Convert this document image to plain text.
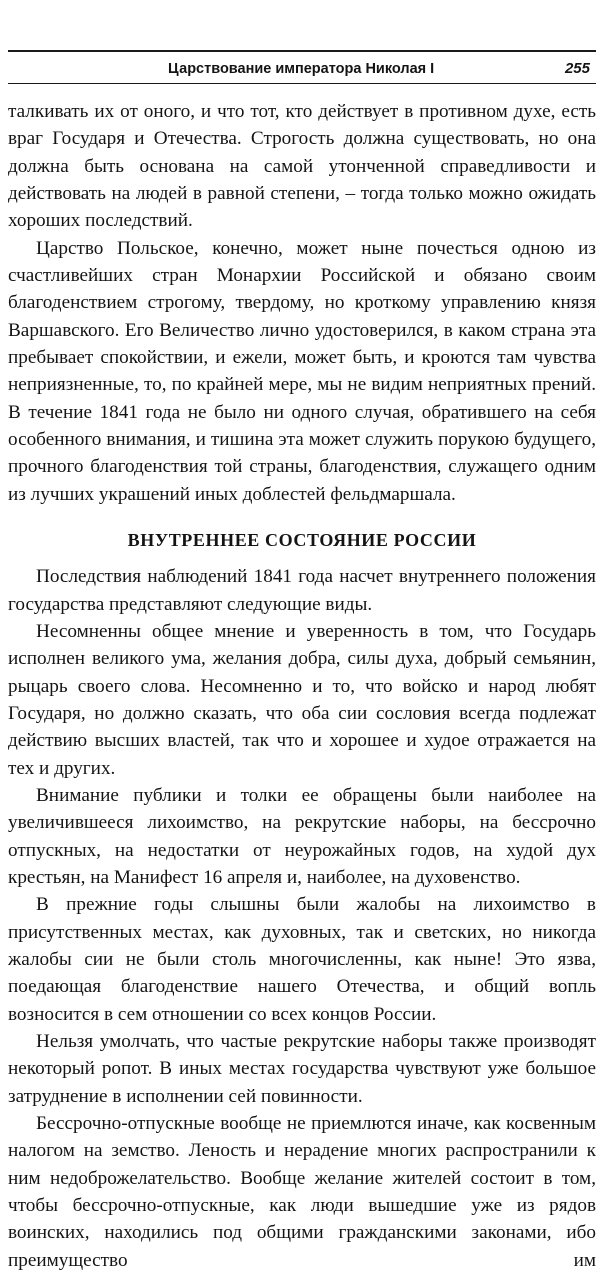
Царствование императора Николая I	255

талкивать их от оного, и что тот, кто действует в противном духе, есть враг Государя и Отечества. Строгость должна существовать, но она должна быть основана на самой утонченной справедливости и действовать на людей в равной степени, – тогда только можно ожидать хороших последствий.

Царство Польское, конечно, может ныне почесться одною из счастливейших стран Монархии Российской и обязано своим благоденствием строгому, твердому, но кроткому управлению князя Варшавского. Его Величество лично удостоверился, в каком страна эта пребывает спокойствии, и ежели, может быть, и кроются там чувства неприязненные, то, по крайней мере, мы не видим неприятных прений. В течение 1841 года не было ни одного случая, обратившего на себя особенного внимания, и тишина эта может служить порукою будущего, прочного благоденствия той страны, благоденствия, служащего одним из лучших украшений иных доблестей фельдмаршала.

ВНУТРЕННЕЕ СОСТОЯНИЕ РОССИИ

Последствия наблюдений 1841 года насчет внутреннего положения государства представляют следующие виды.

Несомненны общее мнение и уверенность в том, что Государь исполнен великого ума, желания добра, силы духа, добрый семьянин, рыцарь своего слова. Несомненно и то, что войско и народ любят Государя, но должно сказать, что оба сии сословия всегда подлежат действию высших властей, так что и хорошее и худое отражается на тех и других.

Внимание публики и толки ее обращены были наиболее на увеличившееся лихоимство, на рекрутские наборы, на бессрочно отпускных, на недостатки от неурожайных годов, на худой дух крестьян, на Манифест 16 апреля и, наиболее, на духовенство.

В прежние годы слышны были жалобы на лихоимство в присутственных местах, как духовных, так и светских, но никогда жалобы сии не были столь многочисленны, как ныне! Это язва, поедающая благоденствие нашего Отечества, и общий вопль возносится в сем отношении со всех концов России.

Нельзя умолчать, что частые рекрутские наборы также производят некоторый ропот. В иных местах государства чувствуют уже большое затруднение в исполнении сей повинности.

Бессрочно-отпускные вообще не приемлются иначе, как косвенным налогом на земство. Леность и нерадение многих распространили к ним недоброжелательство. Вообще желание жителей состоит в том, чтобы бессрочно-отпускные, как люди вышедшие уже из рядов воинских, находились под общими гражданскими законами, ибо преимущество им
